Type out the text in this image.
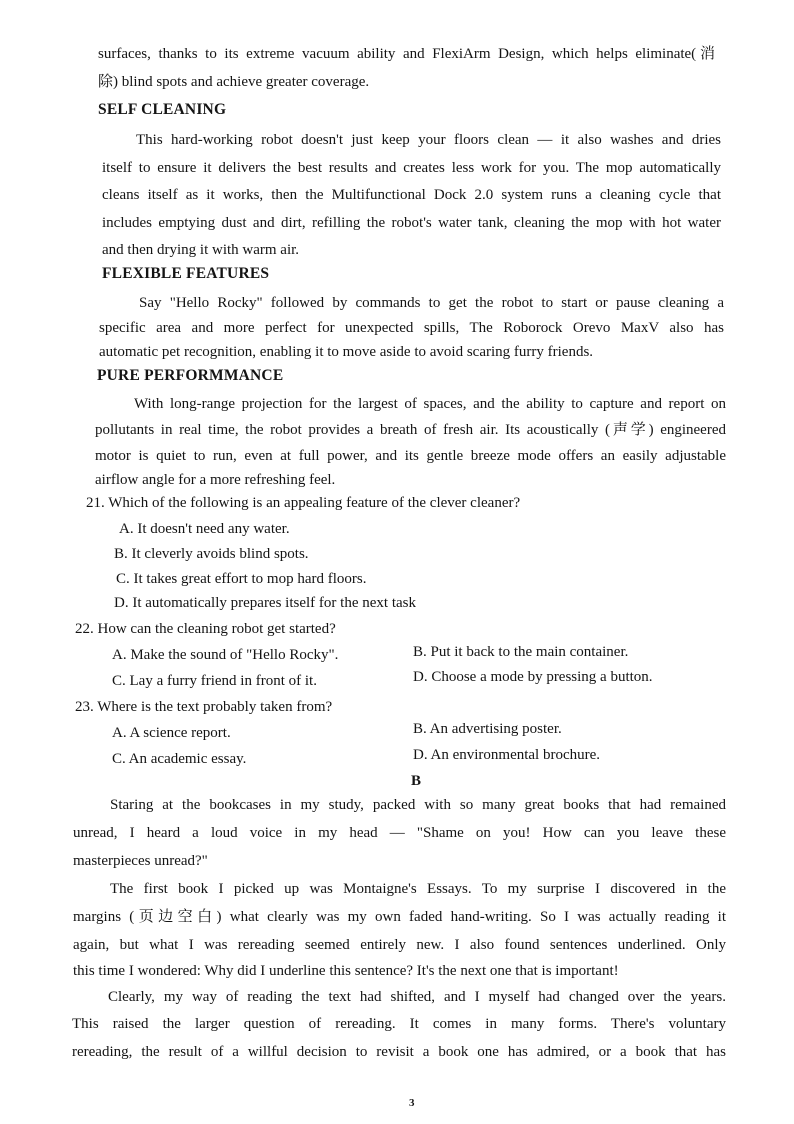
surfaces, thanks to its extreme vacuum ability and FlexiArm Design, which helps eliminate(消
除) blind spots and achieve greater coverage.
SELF CLEANING
This hard-working robot doesn't just keep your floors clean — it also washes and dries
itself to ensure it delivers the best results and creates less work for you. The mop automatically
cleans itself as it works, then the Multifunctional Dock 2.0 system runs a cleaning cycle that
includes emptying dust and dirt, refilling the robot's water tank, cleaning the mop with hot water
and then drying it with warm air.
FLEXIBLE FEATURES
Say "Hello Rocky" followed by commands to get the robot to start or pause cleaning a
specific area and more perfect for unexpected spills, The Roborock Orevo MaxV also has
automatic pet recognition, enabling it to move aside to avoid scaring furry friends.
PURE PERFORMMANCE
With long-range projection for the largest of spaces, and the ability to capture and report on
pollutants in real time, the robot provides a breath of fresh air. Its acoustically (声学) engineered
motor is quiet to run, even at full power, and its gentle breeze mode offers an easily adjustable
airflow angle for a more refreshing feel.
21. Which of the following is an appealing feature of the clever cleaner?
A. It doesn't need any water.
B. It cleverly avoids blind spots.
C. It takes great effort to mop hard floors.
D. It automatically prepares itself for the next task
22. How can the cleaning robot get started?
A. Make the sound of "Hello Rocky".	B. Put it back to the main container.
C. Lay a furry friend in front of it.	D. Choose a mode by pressing a button.
23. Where is the text probably taken from?
A. A science report.	B. An advertising poster.
C. An academic essay.	D. An environmental brochure.
B
Staring at the bookcases in my study, packed with so many great books that had remained
unread, I heard a loud voice in my head — "Shame on you! How can you leave these
masterpieces unread?"
The first book I picked up was Montaigne's Essays. To my surprise I discovered in the
margins (页边空白) what clearly was my own faded hand-writing. So I was actually reading it
again, but what I was rereading seemed entirely new. I also found sentences underlined. Only
this time I wondered: Why did I underline this sentence? It's the next one that is important!
Clearly, my way of reading the text had shifted, and I myself had changed over the years.
This raised the larger question of rereading. It comes in many forms. There's voluntary
rereading, the result of a willful decision to revisit a book one has admired, or a book that has
3
